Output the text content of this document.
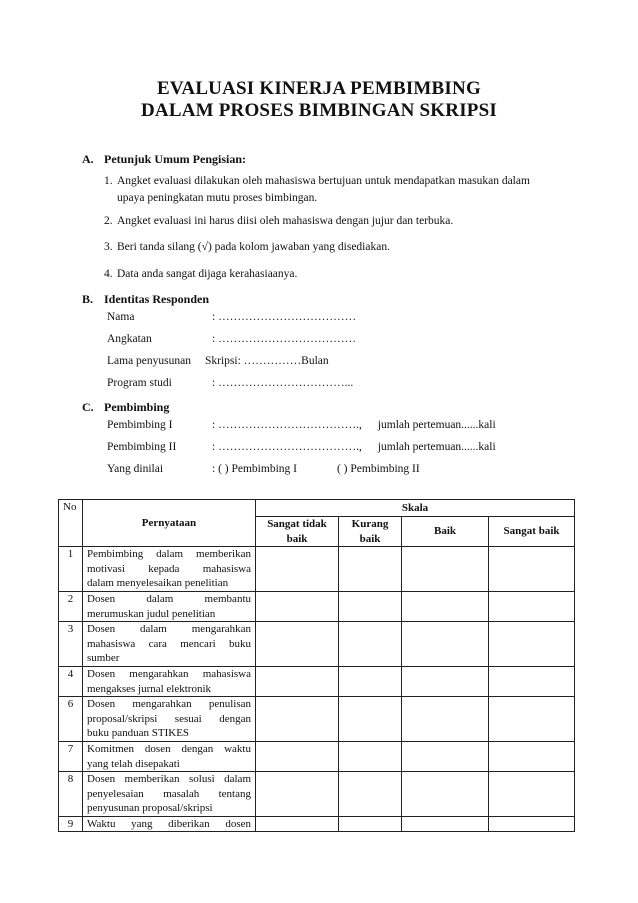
EVALUASI KINERJA PEMBIMBING
DALAM PROSES BIMBINGAN SKRIPSI
A. Petunjuk Umum Pengisian:
1. Angket evaluasi dilakukan oleh mahasiswa bertujuan untuk mendapatkan masukan dalam
upaya peningkatan mutu proses bimbingan.
2. Angket evaluasi ini harus diisi oleh mahasiswa dengan jujur dan terbuka.
3. Beri tanda silang (√) pada kolom jawaban yang disediakan.
4. Data anda sangat dijaga kerahasiaanya.
B. Identitas Responden
Nama	: ………………………………
Angkatan	: ………………………………
Lama penyusunan Skripsi: ……………Bulan
Program studi	: ……………………………...
C. Pembimbing
Pembimbing I	: ………………………………., jumlah pertemuan......kali
Pembimbing II	: ………………………………., jumlah pertemuan......kali
Yang dinilai	: ( ) Pembimbing I	( ) Pembimbing II
No	Pernyataan	Skala			
		Sangat tidak baik	Kurang baik	Baik	Sangat baik
1	Pembimbing dalam memberikan
motivasi kepada mahasiswa
dalam menyelesaikan penelitian				

2	Dosen dalam membantu
merumuskan judul penelitian				

3	Dosen dalam mengarahkan
mahasiswa cara mencari buku
sumber				

4	Dosen mengarahkan mahasiswa
mengakses jurnal elektronik				

6	Dosen mengarahkan penulisan
proposal/skripsi sesuai dengan
buku panduan STIKES				

7	Komitmen dosen dengan waktu
yang telah disepakati				

8	Dosen memberikan solusi dalam
penyelesaian masalah tentang
penyusunan proposal/skripsi				

9	Waktu yang diberikan dosen				
